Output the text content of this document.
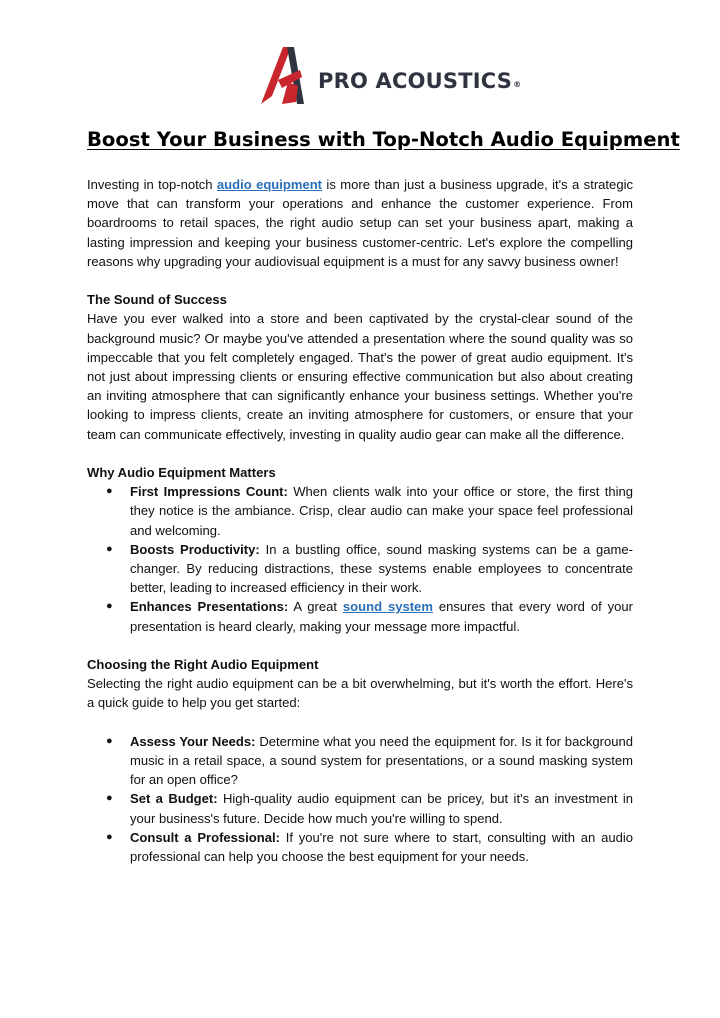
PRO ACOUSTICS®
Boost Your Business with Top-Notch Audio Equipment

Investing in top-notch audio equipment is more than just a business upgrade, it's a strategic move that can transform your operations and enhance the customer experience. From boardrooms to retail spaces, the right audio setup can set your business apart, making a lasting impression and keeping your business customer-centric. Let's explore the compelling reasons why upgrading your audiovisual equipment is a must for any savvy business owner!

The Sound of Success

Have you ever walked into a store and been captivated by the crystal-clear sound of the background music? Or maybe you've attended a presentation where the sound quality was so impeccable that you felt completely engaged. That's the power of great audio equipment. It's not just about impressing clients or ensuring effective communication but also about creating an inviting atmosphere that can significantly enhance your business settings. Whether you're looking to impress clients, create an inviting atmosphere for customers, or ensure that your team can communicate effectively, investing in quality audio gear can make all the difference.

Why Audio Equipment Matters

● First Impressions Count: When clients walk into your office or store, the first thing they notice is the ambiance. Crisp, clear audio can make your space feel professional and welcoming.
● Boosts Productivity: In a bustling office, sound masking systems can be a game-changer. By reducing distractions, these systems enable employees to concentrate better, leading to increased efficiency in their work.
● Enhances Presentations: A great sound system ensures that every word of your presentation is heard clearly, making your message more impactful.

Choosing the Right Audio Equipment

Selecting the right audio equipment can be a bit overwhelming, but it's worth the effort. Here's a quick guide to help you get started:

● Assess Your Needs: Determine what you need the equipment for. Is it for background music in a retail space, a sound system for presentations, or a sound masking system for an open office?
● Set a Budget: High-quality audio equipment can be pricey, but it's an investment in your business's future. Decide how much you're willing to spend.
● Consult a Professional: If you're not sure where to start, consulting with an audio professional can help you choose the best equipment for your needs.
